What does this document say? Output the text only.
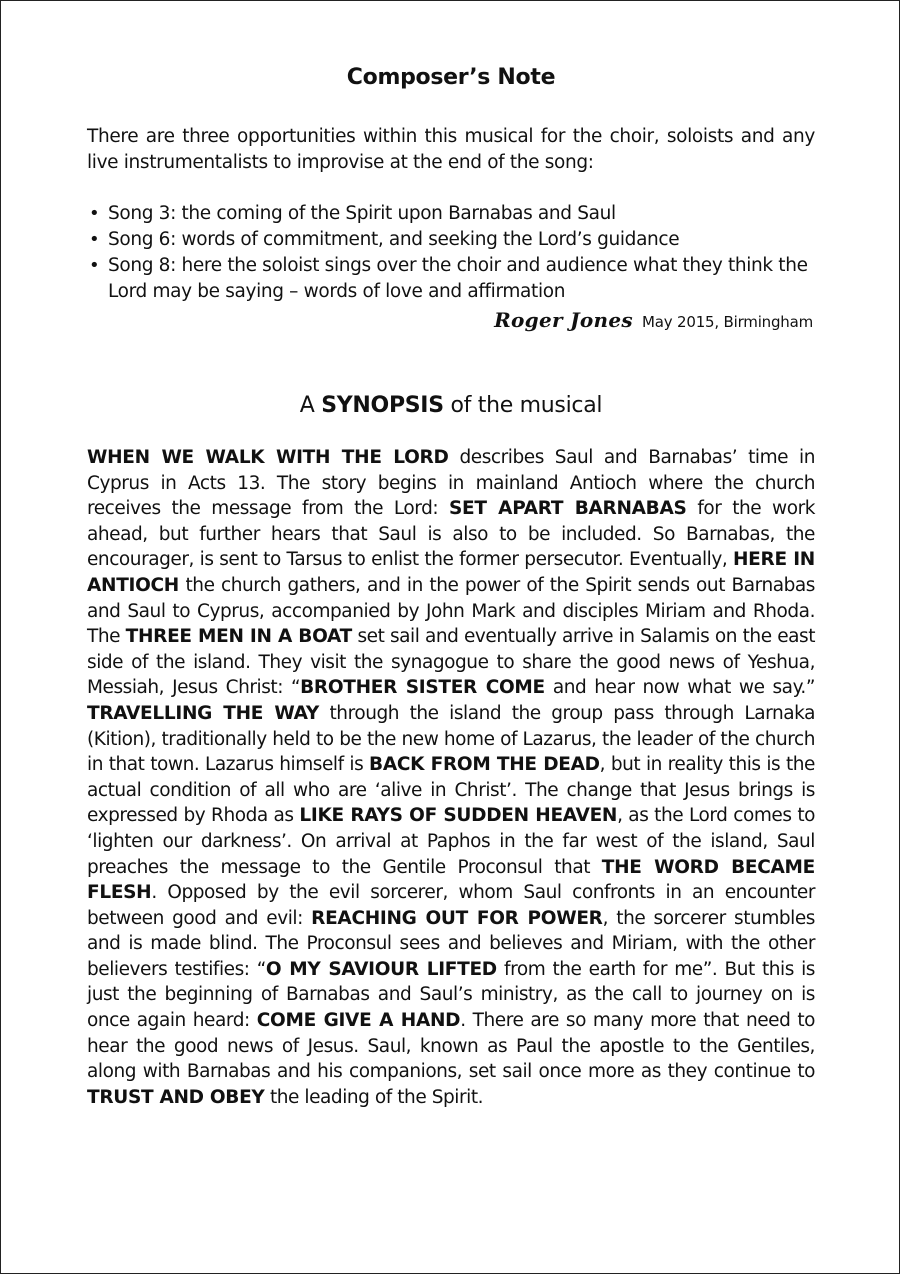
Composer’s Note

There are three opportunities within this musical for the choir, soloists and any live instrumentalists to improvise at the end of the song:

• Song 3: the coming of the Spirit upon Barnabas and Saul
• Song 6: words of commitment, and seeking the Lord’s guidance
• Song 8: here the soloist sings over the choir and audience what they think the Lord may be saying – words of love and affirmation
Roger Jones May 2015, Birmingham
A SYNOPSIS of the musical

WHEN WE WALK WITH THE LORD describes Saul and Barnabas’ time in Cyprus in Acts 13. The story begins in mainland Antioch where the church receives the message from the Lord: SET APART BARNABAS for the work ahead, but further hears that Saul is also to be included. So Barnabas, the encourager, is sent to Tarsus to enlist the former persecutor. Eventually, HERE IN ANTIOCH the church gathers, and in the power of the Spirit sends out Barnabas and Saul to Cyprus, accompanied by John Mark and disciples Miriam and Rhoda. The THREE MEN IN A BOAT set sail and eventually arrive in Salamis on the east side of the island. They visit the synagogue to share the good news of Yeshua, Messiah, Jesus Christ: “BROTHER SISTER COME and hear now what we say.” TRAVELLING THE WAY through the island the group pass through Larnaka (Kition), traditionally held to be the new home of Lazarus, the leader of the church in that town. Lazarus himself is BACK FROM THE DEAD, but in reality this is the actual condition of all who are ‘alive in Christ’. The change that Jesus brings is expressed by Rhoda as LIKE RAYS OF SUDDEN HEAVEN, as the Lord comes to ‘lighten our darkness’. On arrival at Paphos in the far west of the island, Saul preaches the message to the Gentile Proconsul that THE WORD BECAME FLESH. Opposed by the evil sorcerer, whom Saul confronts in an encounter between good and evil: REACHING OUT FOR POWER, the sorcerer stumbles and is made blind. The Proconsul sees and believes and Miriam, with the other believers testifies: “O MY SAVIOUR LIFTED from the earth for me”. But this is just the beginning of Barnabas and Saul’s ministry, as the call to journey on is once again heard: COME GIVE A HAND. There are so many more that need to hear the good news of Jesus. Saul, known as Paul the apostle to the Gentiles, along with Barnabas and his companions, set sail once more as they continue to TRUST AND OBEY the leading of the Spirit.
